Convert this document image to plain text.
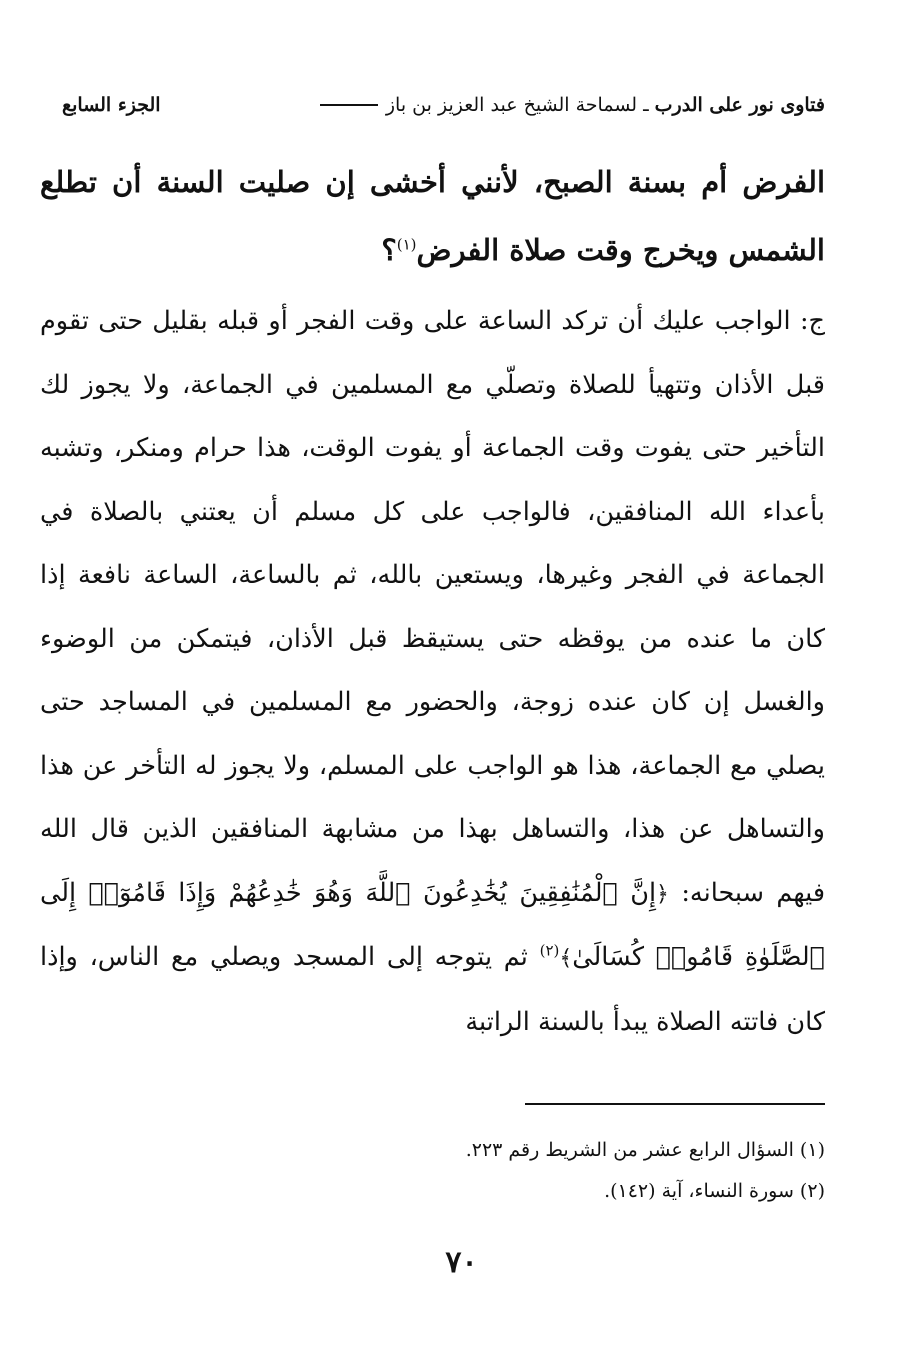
فتاوى نور على الدرب
ـ
لسماحة الشيخ عبد العزيز بن باز
الجزء السابع
الفرض أم بسنة الصبح، لأنني أخشى إن صليت السنة أن تطلع الشمس ويخرج وقت صلاة الفرض$^{(١)}$؟
ج: الواجب عليك أن تركد الساعة على وقت الفجر أو قبله بقليل حتى تقوم قبل الأذان وتتهيأ للصلاة وتصلّي مع المسلمين في الجماعة، ولا يجوز لك التأخير حتى يفوت وقت الجماعة أو يفوت الوقت، هذا حرام ومنكر، وتشبه بأعداء الله المنافقين، فالواجب على كل مسلم أن يعتني بالصلاة في الجماعة في الفجر وغيرها، ويستعين بالله، ثم بالساعة، الساعة نافعة إذا كان ما عنده من يوقظه حتى يستيقظ قبل الأذان، فيتمكن من الوضوء والغسل إن كان عنده زوجة، والحضور مع المسلمين في المساجد حتى يصلي مع الجماعة، هذا هو الواجب على المسلم، ولا يجوز له التأخر عن هذا والتساهل عن هذا، والتساهل بهذا من مشابهة المنافقين الذين قال الله فيهم سبحانه: ﴿إِنَّ ٱلْمُنَٰفِقِينَ يُخَٰدِعُونَ ٱللَّهَ وَهُوَ خَٰدِعُهُمْ وَإِذَا قَامُوٓا۟ إِلَى ٱلصَّلَوٰةِ قَامُوا۟ كُسَالَىٰ﴾$^{(٢)}$ ثم يتوجه إلى المسجد ويصلي مع الناس، وإذا كان فاتته الصلاة يبدأ بالسنة الراتبة
(١) السؤال الرابع عشر من الشريط رقم ٢٢٣.
(٢) سورة النساء، آية (١٤٢).
٧٠
